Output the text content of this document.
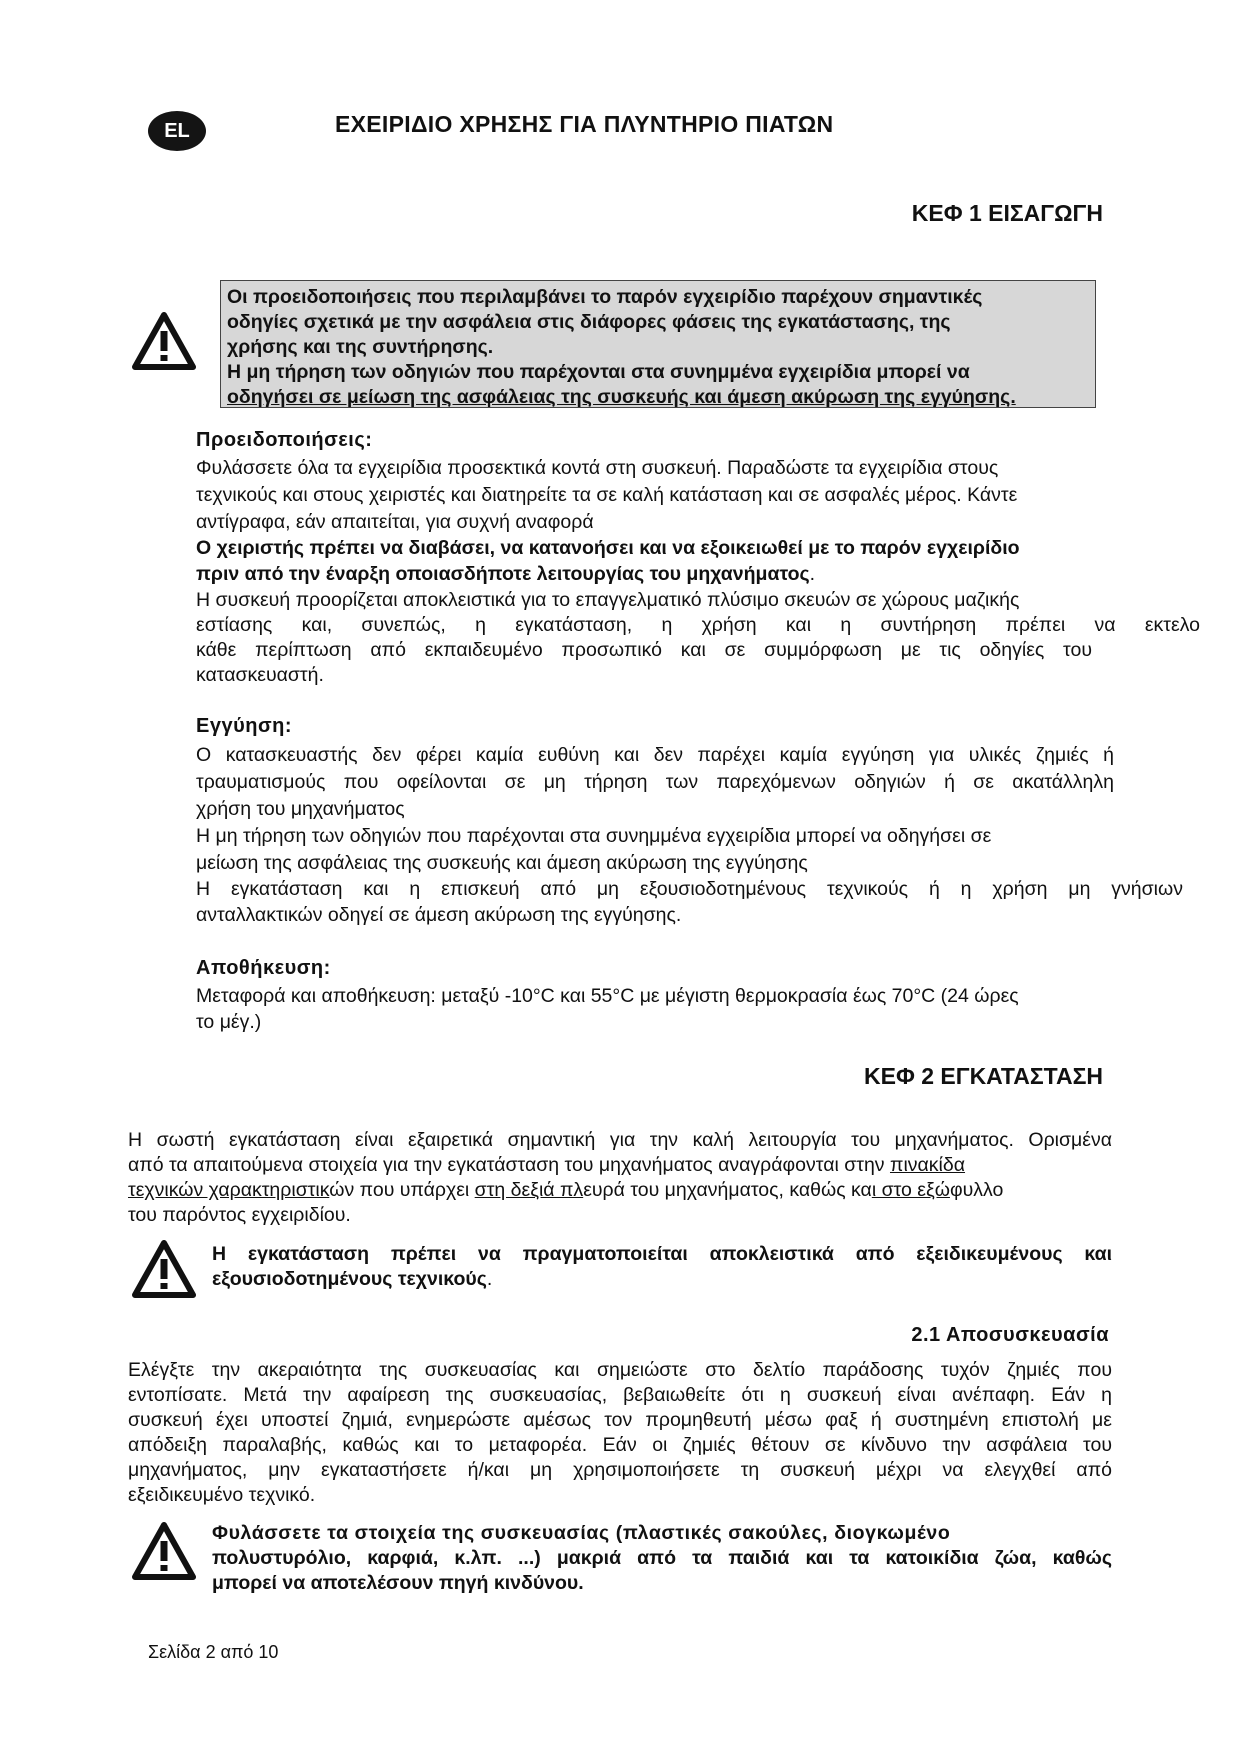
EL	ΕΧΕΙΡΙΔΙΟ ΧΡΗΣΗΣ ΓΙΑ ΠΛΥΝΤΗΡΙΟ ΠΙΑΤΩΝ
ΚΕΦ 1 ΕΙΣΑΓΩΓΗ

Οι προειδοποιήσεις που περιλαμβάνει το παρόν εγχειρίδιο παρέχουν σημαντικές

οδηγίες σχετικά με την ασφάλεια στις διάφορες φάσεις της εγκατάστασης, της

χρήσης και της συντήρησης.

Η μη τήρηση των οδηγιών που παρέχονται στα συνημμένα εγχειρίδια μπορεί να

οδηγήσει σε μείωση της ασφάλειας της συσκευής και άμεση ακύρωση της εγγύησης.

Προειδοποιήσεις:
Φυλάσσετε όλα τα εγχειρίδια προσεκτικά κοντά στη συσκευή. Παραδώστε τα εγχειρίδια στους
τεχνικούς και στους χειριστές και διατηρείτε τα σε καλή κατάσταση και σε ασφαλές μέρος. Κάντε
αντίγραφα, εάν απαιτείται, για συχνή αναφορά
Ο χειριστής πρέπει να διαβάσει, να κατανοήσει και να εξοικειωθεί με το παρόν εγχειρίδιο
πριν από την έναρξη οποιασδήποτε λειτουργίας του μηχανήματος.
Η συσκευή προορίζεται αποκλειστικά για το επαγγελματικό πλύσιμο σκευών σε χώρους μαζικής
εστίασης και, συνεπώς, η εγκατάσταση, η χρήση και η συντήρηση πρέπει να εκτελο
κάθε περίπτωση από εκπαιδευμένο προσωπικό και σε συμμόρφωση με τις οδηγίες του
κατασκευαστή.
Εγγύηση:
Ο κατασκευαστής δεν φέρει καμία ευθύνη και δεν παρέχει καμία εγγύηση για υλικές ζημιές ή
τραυματισμούς που οφείλονται σε μη τήρηση των παρεχόμενων οδηγιών ή σε ακατάλληλη
χρήση του μηχανήματος
Η μη τήρηση των οδηγιών που παρέχονται στα συνημμένα εγχειρίδια μπορεί να οδηγήσει σε
μείωση της ασφάλειας της συσκευής και άμεση ακύρωση της εγγύησης
Η εγκατάσταση και η επισκευή από μη εξουσιοδοτημένους τεχνικούς ή η χρήση μη γνήσιων
ανταλλακτικών οδηγεί σε άμεση ακύρωση της εγγύησης.
Αποθήκευση:
Μεταφορά και αποθήκευση: μεταξύ -10°C και 55°C με μέγιστη θερμοκρασία έως 70°C (24 ώρες
το μέγ.)
ΚΕΦ 2 ΕΓΚΑΤΑΣΤΑΣΗ
Η σωστή εγκατάσταση είναι εξαιρετικά σημαντική για την καλή λειτουργία του μηχανήματος. Ορισμένα
από τα απαιτούμενα στοιχεία για την εγκατάσταση του μηχανήματος αναγράφονται στην πινακίδα
τεχνικών χαρακτηριστικών που υπάρχει στη δεξιά πλευρά του μηχανήματος, καθώς και στο εξώφυλλο
του παρόντος εγχειριδίου.
Η εγκατάσταση πρέπει να πραγματοποιείται αποκλειστικά από εξειδικευμένους και
εξουσιοδοτημένους τεχνικούς.
2.1 Αποσυσκευασία
Ελέγξτε την ακεραιότητα της συσκευασίας και σημειώστε στο δελτίο παράδοσης τυχόν ζημιές που
εντοπίσατε. Μετά την αφαίρεση της συσκευασίας, βεβαιωθείτε ότι η συσκευή είναι ανέπαφη. Εάν η
συσκευή έχει υποστεί ζημιά, ενημερώστε αμέσως τον προμηθευτή μέσω φαξ ή συστημένη επιστολή με
απόδειξη παραλαβής, καθώς και το μεταφορέα. Εάν οι ζημιές θέτουν σε κίνδυνο την ασφάλεια του
μηχανήματος, μην εγκαταστήσετε ή/και μη χρησιμοποιήσετε τη συσκευή μέχρι να ελεγχθεί από
εξειδικευμένο τεχνικό.
Φυλάσσετε τα στοιχεία της συσκευασίας (πλαστικές σακούλες, διογκωμένο
πολυστυρόλιο, καρφιά, κ.λπ. ...) μακριά από τα παιδιά και τα κατοικίδια ζώα, καθώς
μπορεί να αποτελέσουν πηγή κινδύνου.
Σελίδα 2 από 10
